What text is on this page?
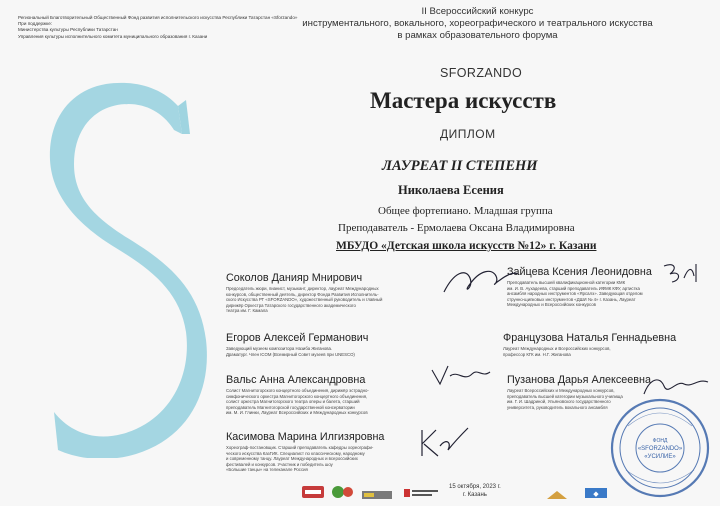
Региональный Благотворительный Общественный Фонд развития исполнительского искусства Республики Татарстан «Sforzando»
При поддержке:
Министерства культуры Республики Татарстан
Управления культуры исполнительного комитета муниципального образования г. Казани
II Всероссийский конкурс
инструментального, вокального, хореографического и театрального искусства
в рамках образовательного форума
SFORZANDO
Мастера искусств
ДИПЛОМ
ЛАУРЕАТ II СТЕПЕНИ
Николаева Есения
Общее фортепиано. Младшая группа
Преподаватель - Ермолаева Оксана Владимировна
МБУДО «Детская школа искусств №12» г. Казани
Соколов Данияр Мнирович
Председатель жюри, пианист, музыкант, директор, лауреат Международных
конкурсов, общественный деятель, директор Фонда Развития Исполнитель-
ского Искусства РТ «SFORZANDO», художественный руководитель и главный
дирижёр Оркестра Татарского государственного академического
театра им. Г. Камала
Зайцева Ксения Леонидовна
Преподаватель высшей квалификационной категории КМК
им. И. В. Аухадеева, старший преподаватель ИФМК КФУ, артистка
ансамбля народных инструментов «Ярсалэ». Заведующая отделом
струнно-щипковых инструментов «ДШИ № 4» г. Казань, Лауреат
Международных и Всероссийских конкурсов
Егоров Алексей Германович
Заведующий музеем композитора Назиба Жиганова.
Драматург. Член ICOM (Всемирный Совет музеев при UNESCO)
Французова Наталья Геннадьевна
Лауреат Международных и Всероссийских конкурсов,
профессор КГК им. Н.Г. Жиганова
Вальс Анна Александровна
Солист Магнитогорского концертного объединения, дирижёр эстрадно-
симфонического оркестра Магнитогорского концертного объединения,
солист оркестра Магнитогорского театра оперы и балета, старший
преподаватель Магнитогорской государственной консерватории
им. М. И. Глинки, Лауреат Всероссийских и Международных конкурсов
Пузанова Дарья Алексеевна
Лауреат Всероссийских и Международных конкурсов,
преподаватель высшей категории музыкального училища
им. Г. И. Шадриной, Ульяновского государственного
университета, руководитель вокального ансамбля
Касимова Марина Илгизяровна
Хореограф-постановщик. Старший преподаватель кафедры хореографи-
ческого искусства КазГИК. Специалист по классическому, народному
и современному танцу. Лауреат Международных и всероссийских
фестивалей и конкурсов. Участник и победитель шоу
«Большие танцы» на телеканале Россия
◆
15 октября, 2023 г.
г. Казань
ФОНД
«SFORZANDO»
«УСИЛИЕ»
